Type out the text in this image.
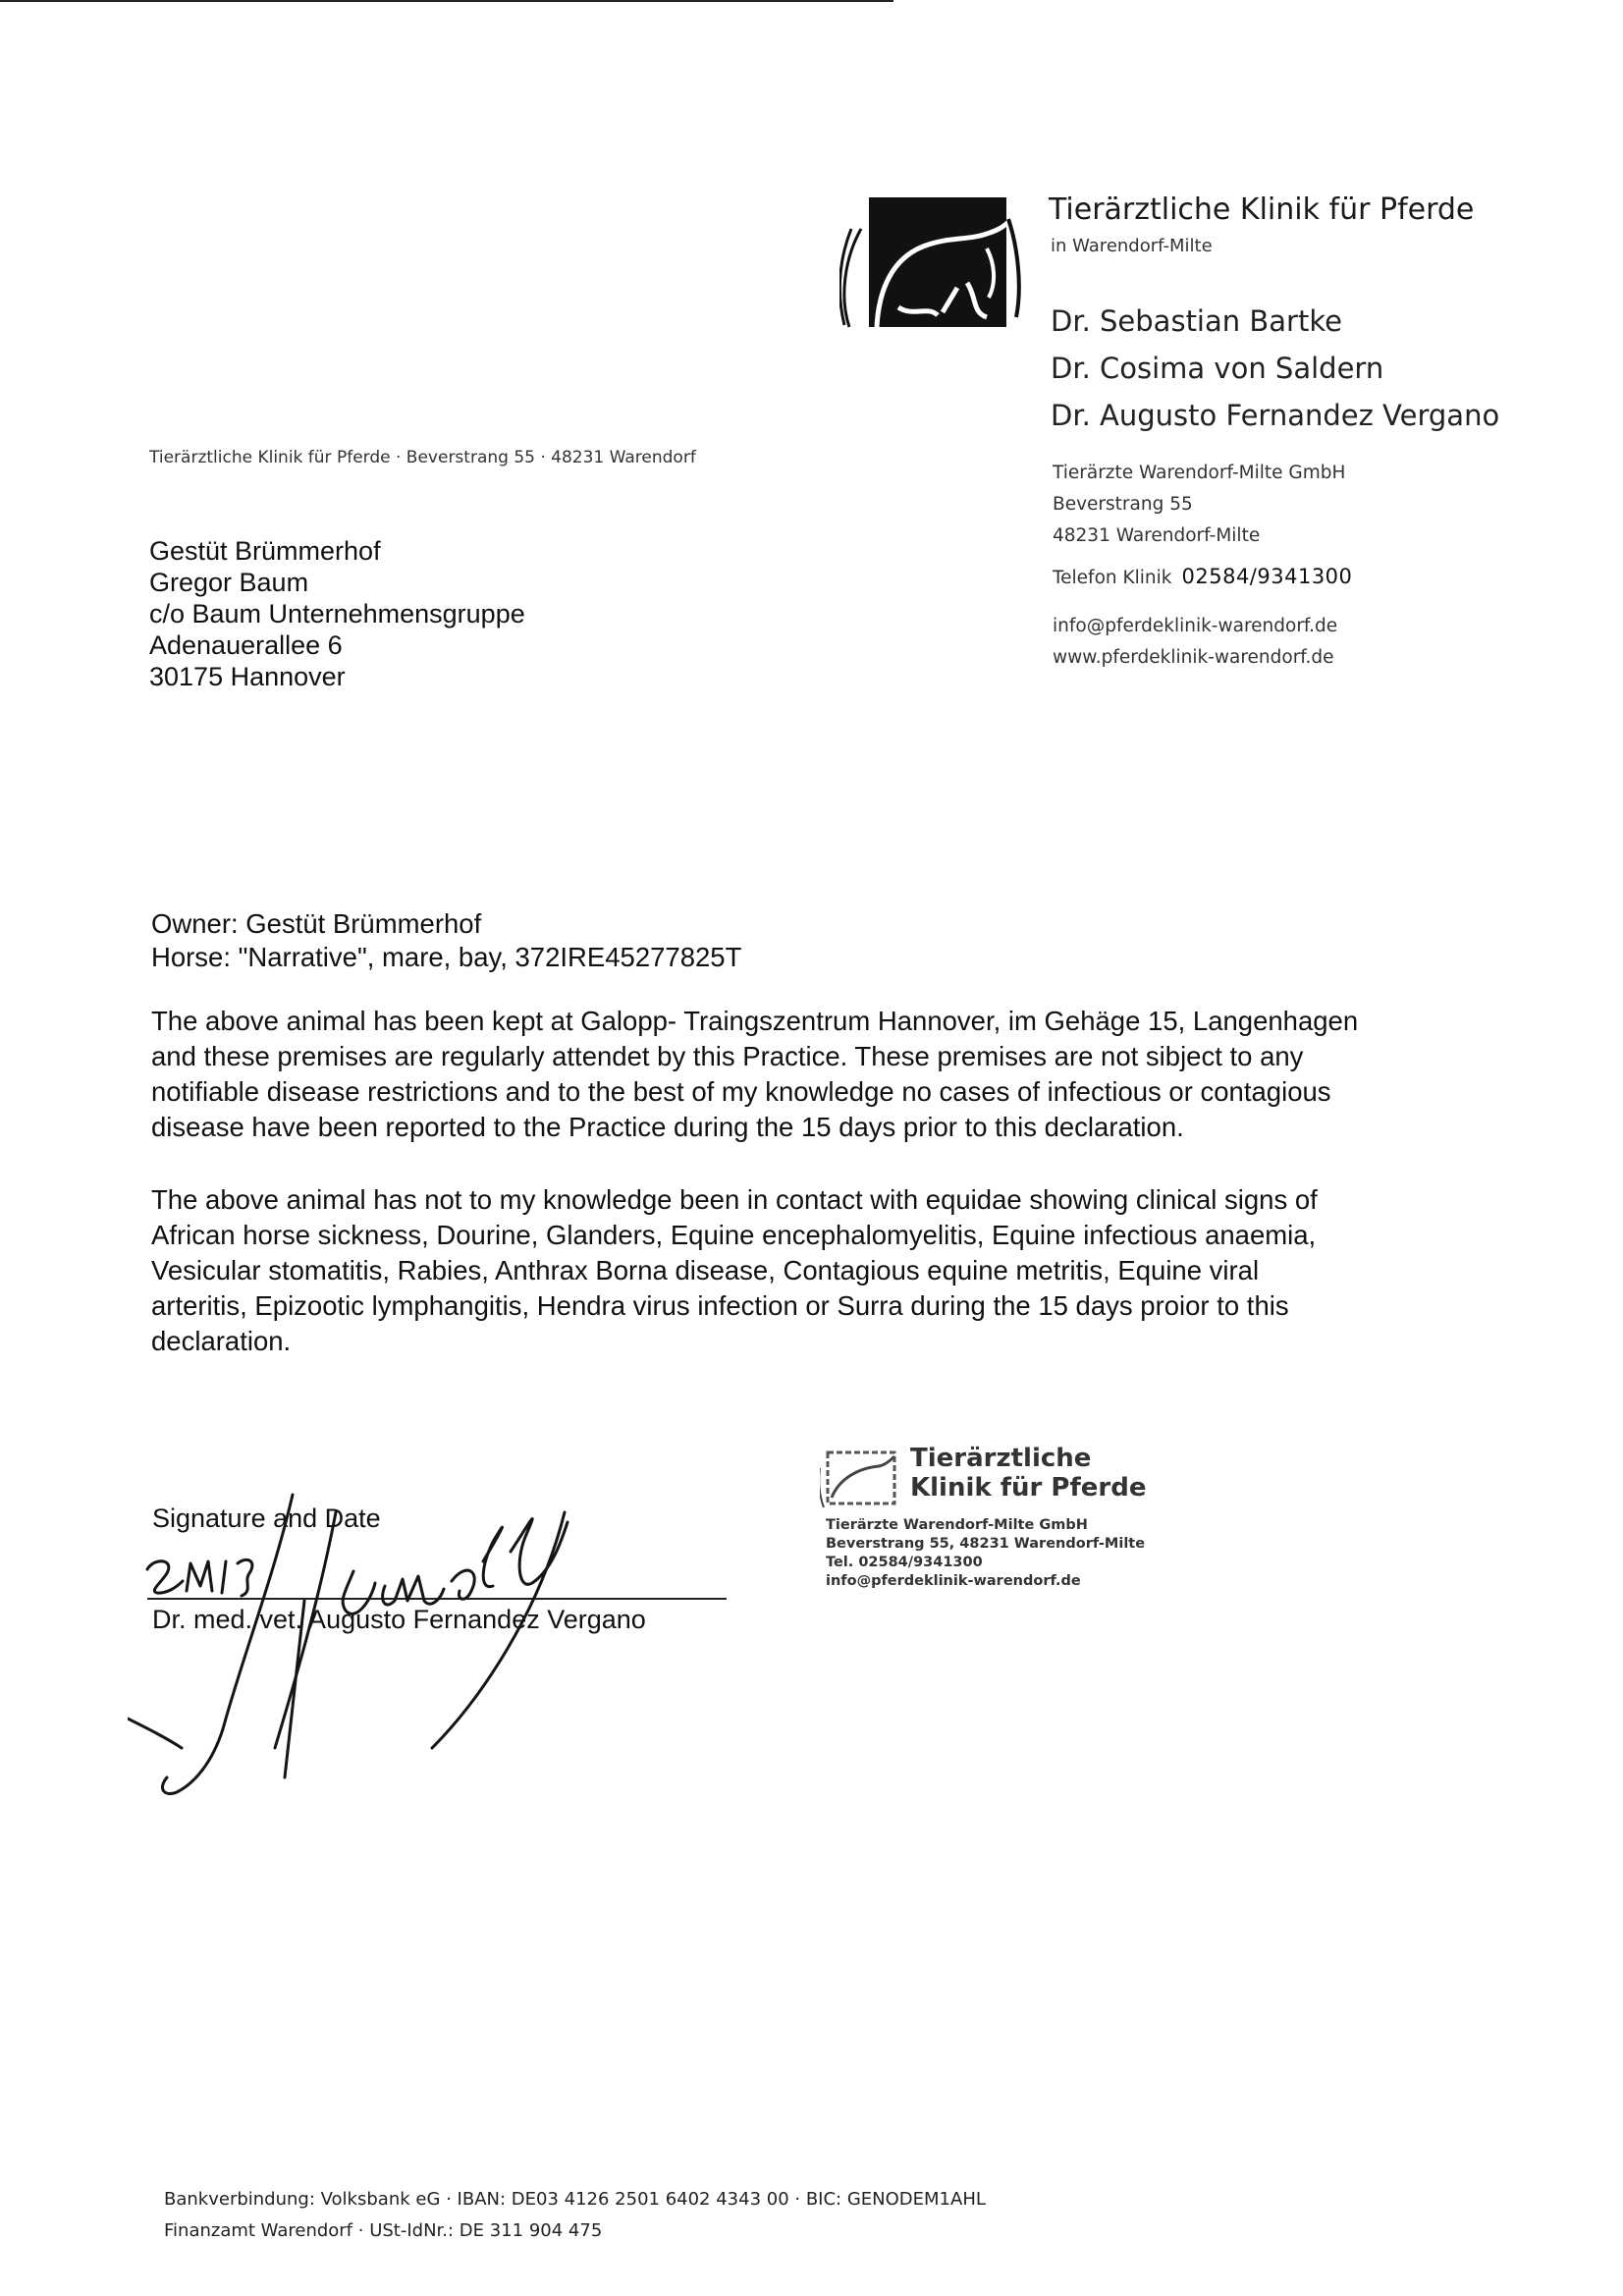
Tierärztliche Klinik für Pferde
in Warendorf-Milte
Dr. Sebastian Bartke
Dr. Cosima von Saldern
Dr. Augusto Fernandez Vergano
Tierärzte Warendorf-Milte GmbH
Beverstrang 55
48231 Warendorf-Milte
Telefon Klinik 02584/9341300
info@pferdeklinik-warendorf.de
www.pferdeklinik-warendorf.de
Tierärztliche Klinik für Pferde · Beverstrang 55 · 48231 Warendorf
Gestüt Brümmerhof
Gregor Baum
c/o Baum Unternehmensgruppe
Adenauerallee 6
30175 Hannover
Owner: Gestüt Brümmerhof
Horse: "Narrative", mare, bay, 372IRE45277825T
The above animal has been kept at Galopp- Traingszentrum Hannover, im Gehäge 15, Langenhagen
and these premises are regularly attendet by this Practice. These premises are not sibject to any
notifiable disease restrictions and to the best of my knowledge no cases of infectious or contagious
disease have been reported to the Practice during the 15 days prior to this declaration.
The above animal has not to my knowledge been in contact with equidae showing clinical signs of
African horse sickness, Dourine, Glanders, Equine encephalomyelitis, Equine infectious anaemia,
Vesicular stomatitis, Rabies, Anthrax Borna disease, Contagious equine metritis, Equine viral
arteritis, Epizootic lymphangitis, Hendra virus infection or Surra during the 15 days proior to this
declaration.
Signature and Date
Dr. med. vet. Augusto Fernandez Vergano
Tierärztliche
Klinik für Pferde
Tierärzte Warendorf-Milte GmbH
Beverstrang 55, 48231 Warendorf-Milte
Tel. 02584/9341300
info@pferdeklinik-warendorf.de
Bankverbindung: Volksbank eG · IBAN: DE03 4126 2501 6402 4343 00 · BIC: GENODEM1AHL
Finanzamt Warendorf · USt-IdNr.: DE 311 904 475
